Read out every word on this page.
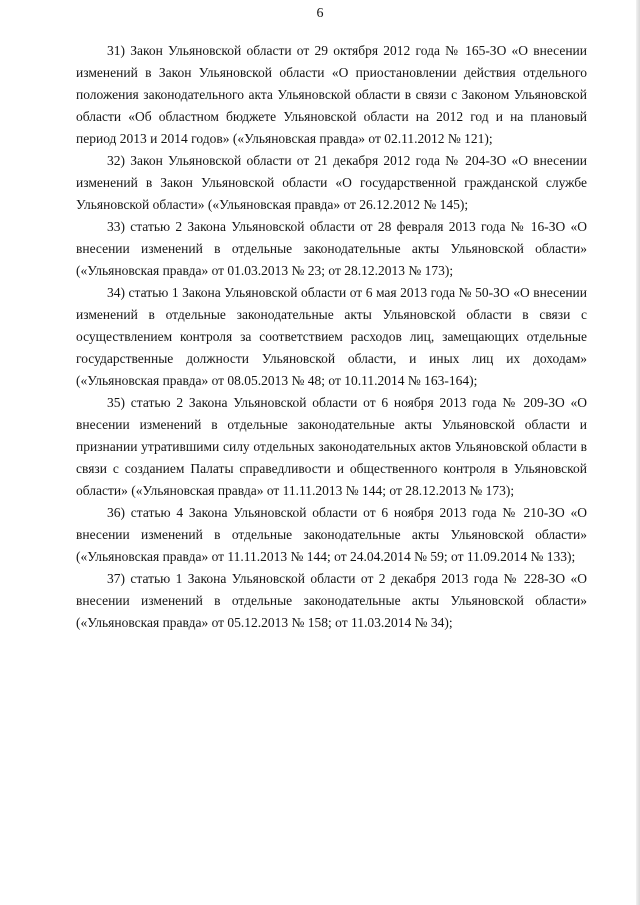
6

31) Закон Ульяновской области от 29 октября 2012 года № 165-ЗО «О внесении изменений в Закон Ульяновской области «О приостановлении действия отдельного положения законодательного акта Ульяновской области в связи с Законом Ульяновской области «Об областном бюджете Ульяновской области на 2012 год и на плановый период 2013 и 2014 годов» («Ульяновская правда» от 02.11.2012 № 121);

32) Закон Ульяновской области от 21 декабря 2012 года № 204-ЗО «О внесении изменений в Закон Ульяновской области «О государственной гражданской службе Ульяновской области» («Ульяновская правда» от 26.12.2012 № 145);

33) статью 2 Закона Ульяновской области от 28 февраля 2013 года № 16-ЗО «О внесении изменений в отдельные законодательные акты Ульяновской области» («Ульяновская правда» от 01.03.2013 № 23; от 28.12.2013 № 173);

34) статью 1 Закона Ульяновской области от 6 мая 2013 года № 50-ЗО «О внесении изменений в отдельные законодательные акты Ульяновской области в связи с осуществлением контроля за соответствием расходов лиц, замещающих отдельные государственные должности Ульяновской области, и иных лиц их доходам» («Ульяновская правда» от 08.05.2013 № 48; от 10.11.2014 № 163-164);

35) статью 2 Закона Ульяновской области от 6 ноября 2013 года № 209-ЗО «О внесении изменений в отдельные законодательные акты Ульяновской области и признании утратившими силу отдельных законодательных актов Ульяновской области в связи с созданием Палаты справедливости и общественного контроля в Ульяновской области» («Ульяновская правда» от 11.11.2013 № 144; от 28.12.2013 № 173);

36) статью 4 Закона Ульяновской области от 6 ноября 2013 года № 210-ЗО «О внесении изменений в отдельные законодательные акты Ульяновской области» («Ульяновская правда» от 11.11.2013 № 144; от 24.04.2014 № 59; от 11.09.2014 № 133);

37) статью 1 Закона Ульяновской области от 2 декабря 2013 года № 228-ЗО «О внесении изменений в отдельные законодательные акты Ульяновской области» («Ульяновская правда» от 05.12.2013 № 158; от 11.03.2014 № 34);
